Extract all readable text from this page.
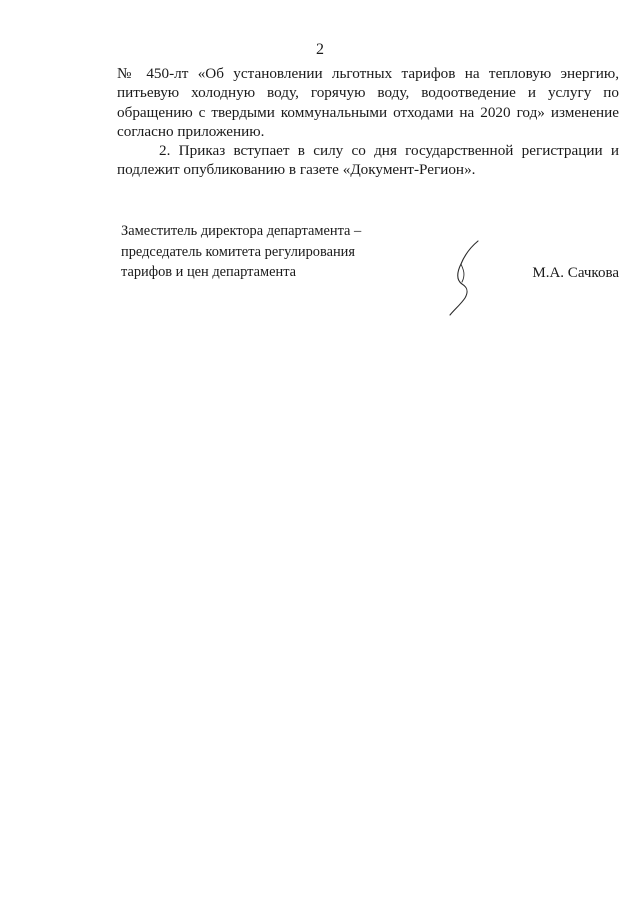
2

№ 450-лт «Об установлении льготных тарифов на тепловую энергию, питьевую холодную воду, горячую воду, водоотведение и услугу по обращению с твердыми коммунальными отходами на 2020 год» изменение согласно приложению.

2. Приказ вступает в силу со дня государственной регистрации и подлежит опубликованию в газете «Документ-Регион».

Заместитель директора департамента –
председатель комитета регулирования
тарифов и цен департамента	М.А. Сачкова
